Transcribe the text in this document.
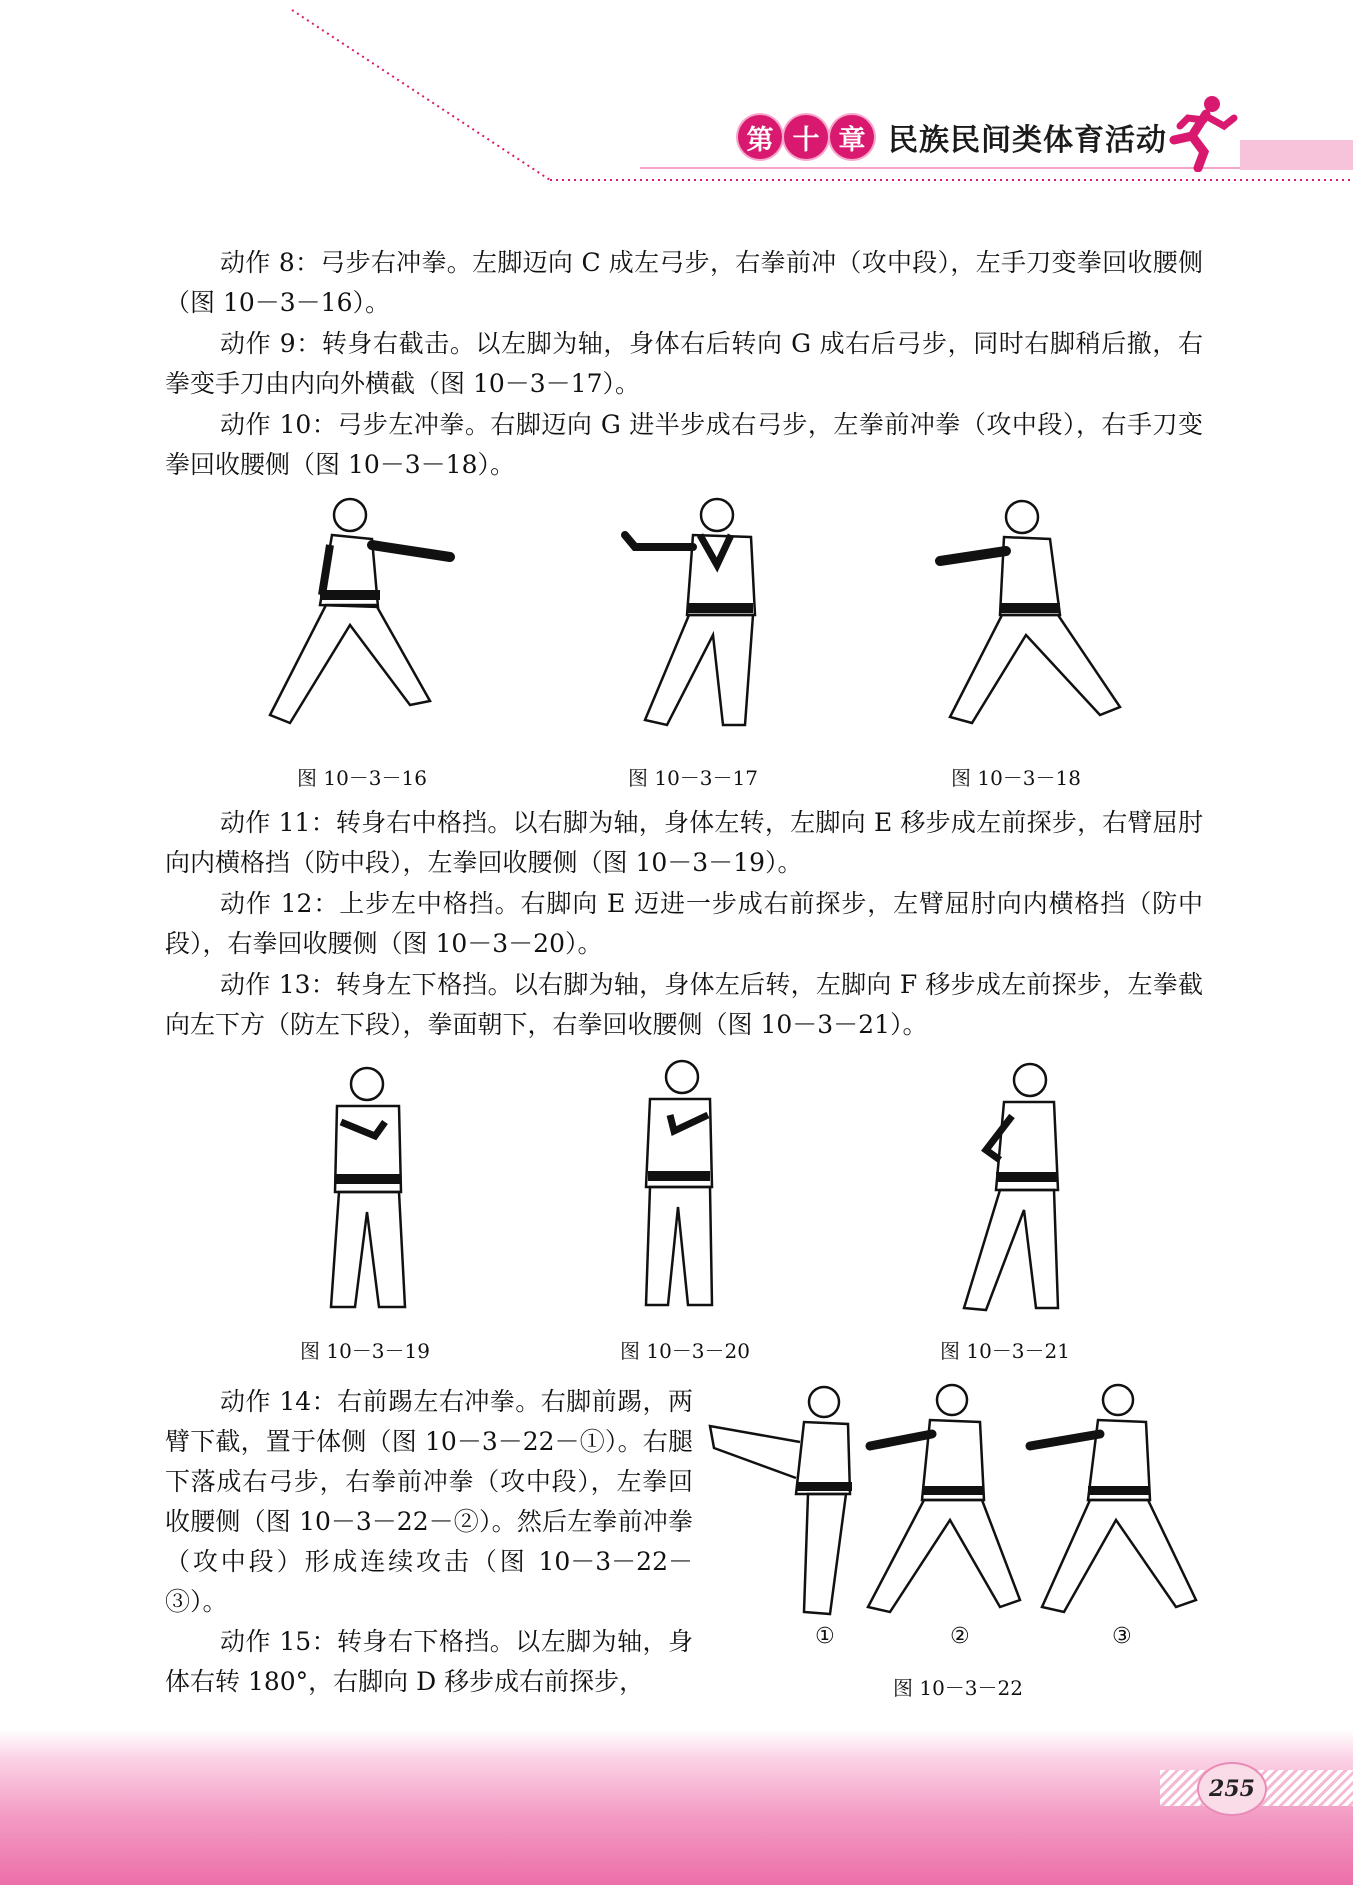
第 十 章 民族民间类体育活动
动作 8：弓步右冲拳。左脚迈向 C 成左弓步，右拳前冲（攻中段），左手刀变拳回收腰侧（图 10－3－16）。
动作 9：转身右截击。以左脚为轴，身体右后转向 G 成右后弓步，同时右脚稍后撤，右拳变手刀由内向外横截（图 10－3－17）。
动作 10：弓步左冲拳。右脚迈向 G 进半步成右弓步，左拳前冲拳（攻中段），右手刀变拳回收腰侧（图 10－3－18）。
图 10－3－16	图 10－3－17	图 10－3－18
动作 11：转身右中格挡。以右脚为轴，身体左转，左脚向 E 移步成左前探步，右臂屈肘向内横格挡（防中段），左拳回收腰侧（图 10－3－19）。
动作 12：上步左中格挡。右脚向 E 迈进一步成右前探步，左臂屈肘向内横格挡（防中段），右拳回收腰侧（图 10－3－20）。
动作 13：转身左下格挡。以右脚为轴，身体左后转，左脚向 F 移步成左前探步，左拳截向左下方（防左下段），拳面朝下，右拳回收腰侧（图 10－3－21）。
图 10－3－19	图 10－3－20	图 10－3－21
动作 14：右前踢左右冲拳。右脚前踢，两臂下截，置于体侧（图 10－3－22－①）。右腿下落成右弓步，右拳前冲拳（攻中段），左拳回收腰侧（图 10－3－22－②）。然后左拳前冲拳（攻中段）形成连续攻击（图 10－3－22－③）。
动作 15：转身右下格挡。以左脚为轴，身体右转 180°，右脚向 D 移步成右前探步，
①	②	③
图 10－3－22
255
